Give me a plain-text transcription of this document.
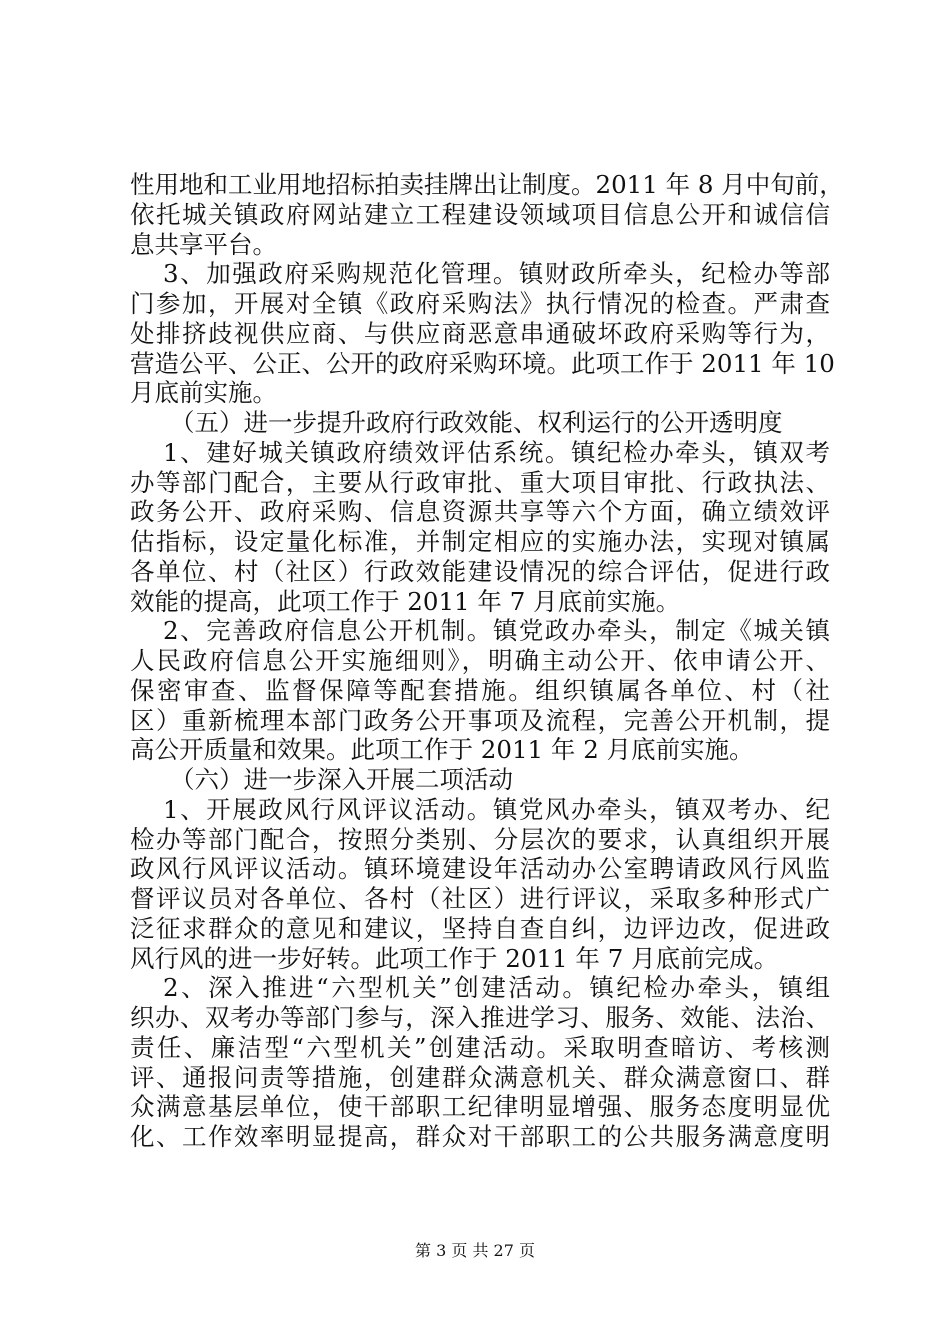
性用地和工业用地招标拍卖挂牌出让制度。2011 年 8 月中旬前，
依托城关镇政府网站建立工程建设领域项目信息公开和诚信信
息共享平台。
3、加强政府采购规范化管理。镇财政所牵头，纪检办等部
门参加，开展对全镇《政府采购法》执行情况的检查。严肃查
处排挤歧视供应商、与供应商恶意串通破坏政府采购等行为，
营造公平、公正、公开的政府采购环境。此项工作于 2011 年 10
月底前实施。
（五）进一步提升政府行政效能、权利运行的公开透明度
1、建好城关镇政府绩效评估系统。镇纪检办牵头，镇双考
办等部门配合，主要从行政审批、重大项目审批、行政执法、
政务公开、政府采购、信息资源共享等六个方面，确立绩效评
估指标，设定量化标准，并制定相应的实施办法，实现对镇属
各单位、村（社区）行政效能建设情况的综合评估，促进行政
效能的提高，此项工作于 2011 年 7 月底前实施。
2、完善政府信息公开机制。镇党政办牵头，制定《城关镇
人民政府信息公开实施细则》，明确主动公开、依申请公开、
保密审查、监督保障等配套措施。组织镇属各单位、村（社
区）重新梳理本部门政务公开事项及流程，完善公开机制，提
高公开质量和效果。此项工作于 2011 年 2 月底前实施。
（六）进一步深入开展二项活动
1、开展政风行风评议活动。镇党风办牵头，镇双考办、纪
检办等部门配合，按照分类别、分层次的要求，认真组织开展
政风行风评议活动。镇环境建设年活动办公室聘请政风行风监
督评议员对各单位、各村（社区）进行评议，采取多种形式广
泛征求群众的意见和建议，坚持自查自纠，边评边改，促进政
风行风的进一步好转。此项工作于 2011 年 7 月底前完成。
2、深入推进“六型机关”创建活动。镇纪检办牵头，镇组
织办、双考办等部门参与，深入推进学习、服务、效能、法治、
责任、廉洁型“六型机关”创建活动。采取明查暗访、考核测
评、通报问责等措施，创建群众满意机关、群众满意窗口、群
众满意基层单位，使干部职工纪律明显增强、服务态度明显优
化、工作效率明显提高，群众对干部职工的公共服务满意度明
第 3 页 共 27 页
